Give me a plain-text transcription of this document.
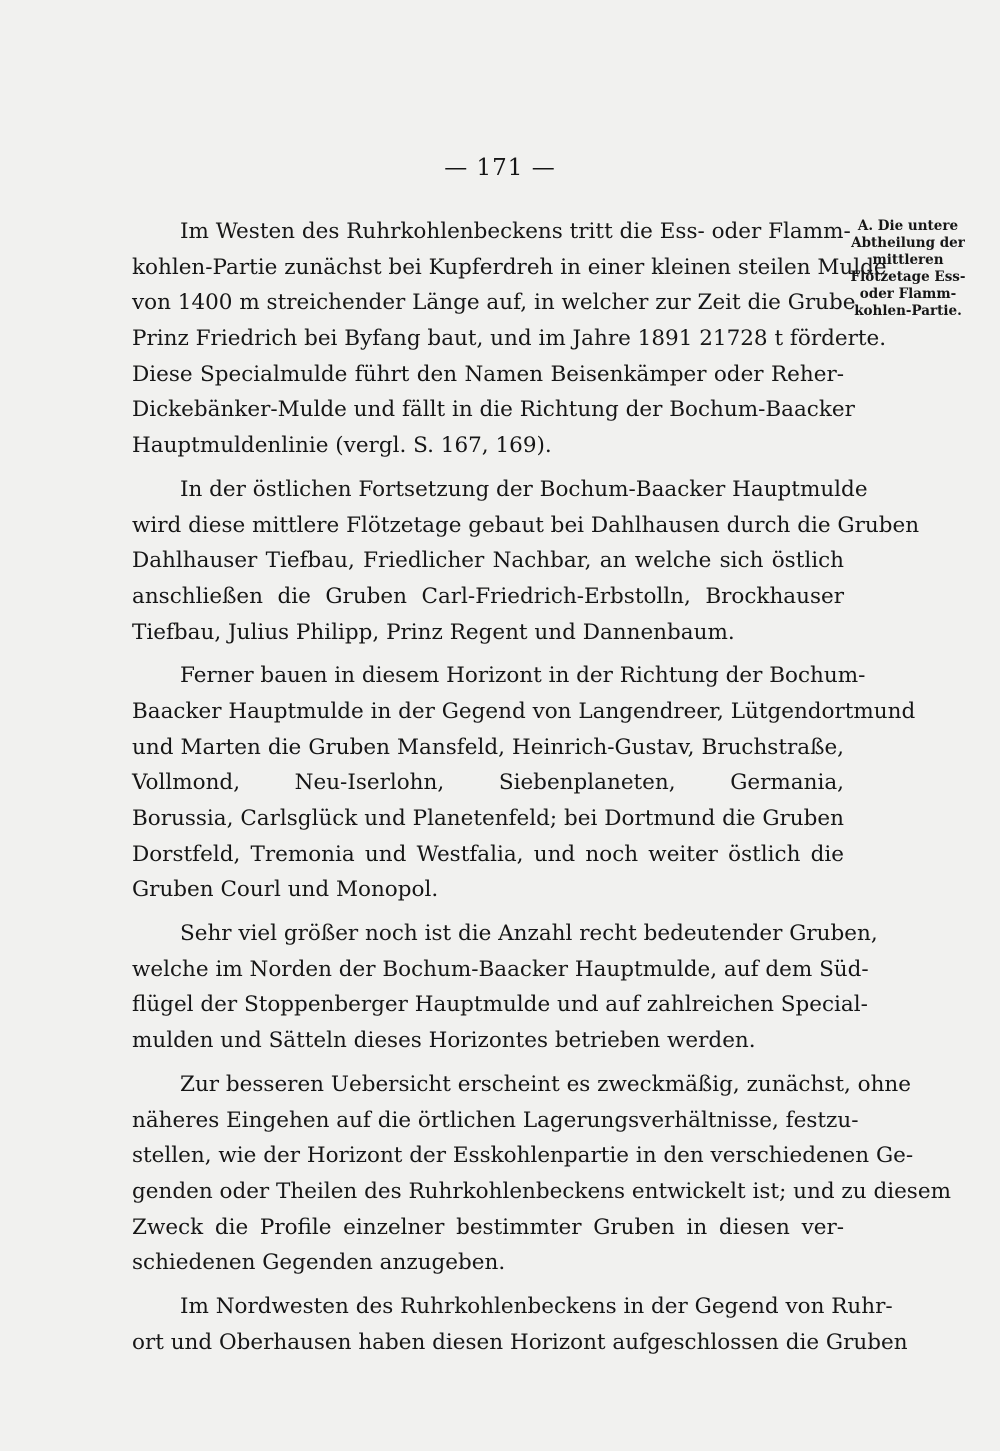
— 171 —
Im Westen des Ruhrkohlenbeckens tritt die Ess- oder Flamm-
kohlen-Partie zunächst bei Kupferdreh in einer kleinen steilen Mulde
von 1400 m streichender Länge auf, in welcher zur Zeit die Grube
Prinz Friedrich bei Byfang baut, und im Jahre 1891 21728 t förderte.
Diese Specialmulde führt den Namen Beisenkämper oder Reher-
Dickebänker-Mulde und fällt in die Richtung der Bochum-Baacker
Hauptmuldenlinie (vergl. S. 167, 169).
In der östlichen Fortsetzung der Bochum-Baacker Hauptmulde
wird diese mittlere Flötzetage gebaut bei Dahlhausen durch die Gruben
Dahlhauser Tiefbau, Friedlicher Nachbar, an welche sich östlich
anschließen die Gruben Carl-Friedrich-Erbstolln, Brockhauser
Tiefbau, Julius Philipp, Prinz Regent und Dannenbaum.
Ferner bauen in diesem Horizont in der Richtung der Bochum-
Baacker Hauptmulde in der Gegend von Langendreer, Lütgendortmund
und Marten die Gruben Mansfeld, Heinrich-Gustav, Bruchstraße,
Vollmond, Neu-Iserlohn, Siebenplaneten, Germania,
Borussia, Carlsglück und Planetenfeld; bei Dortmund die Gruben
Dorstfeld, Tremonia und Westfalia, und noch weiter östlich die
Gruben Courl und Monopol.
Sehr viel größer noch ist die Anzahl recht bedeutender Gruben,
welche im Norden der Bochum-Baacker Hauptmulde, auf dem Süd-
flügel der Stoppenberger Hauptmulde und auf zahlreichen Special-
mulden und Sätteln dieses Horizontes betrieben werden.
Zur besseren Uebersicht erscheint es zweckmäßig, zunächst, ohne
näheres Eingehen auf die örtlichen Lagerungsverhältnisse, festzu-
stellen, wie der Horizont der Esskohlenpartie in den verschiedenen Ge-
genden oder Theilen des Ruhrkohlenbeckens entwickelt ist; und zu diesem
Zweck die Profile einzelner bestimmter Gruben in diesen ver-
schiedenen Gegenden anzugeben.
Im Nordwesten des Ruhrkohlenbeckens in der Gegend von Ruhr-
ort und Oberhausen haben diesen Horizont aufgeschlossen die Gruben
A. Die untere
Abtheilung der
mittleren
Flötzetage Ess-
oder Flamm-
kohlen-Partie.
